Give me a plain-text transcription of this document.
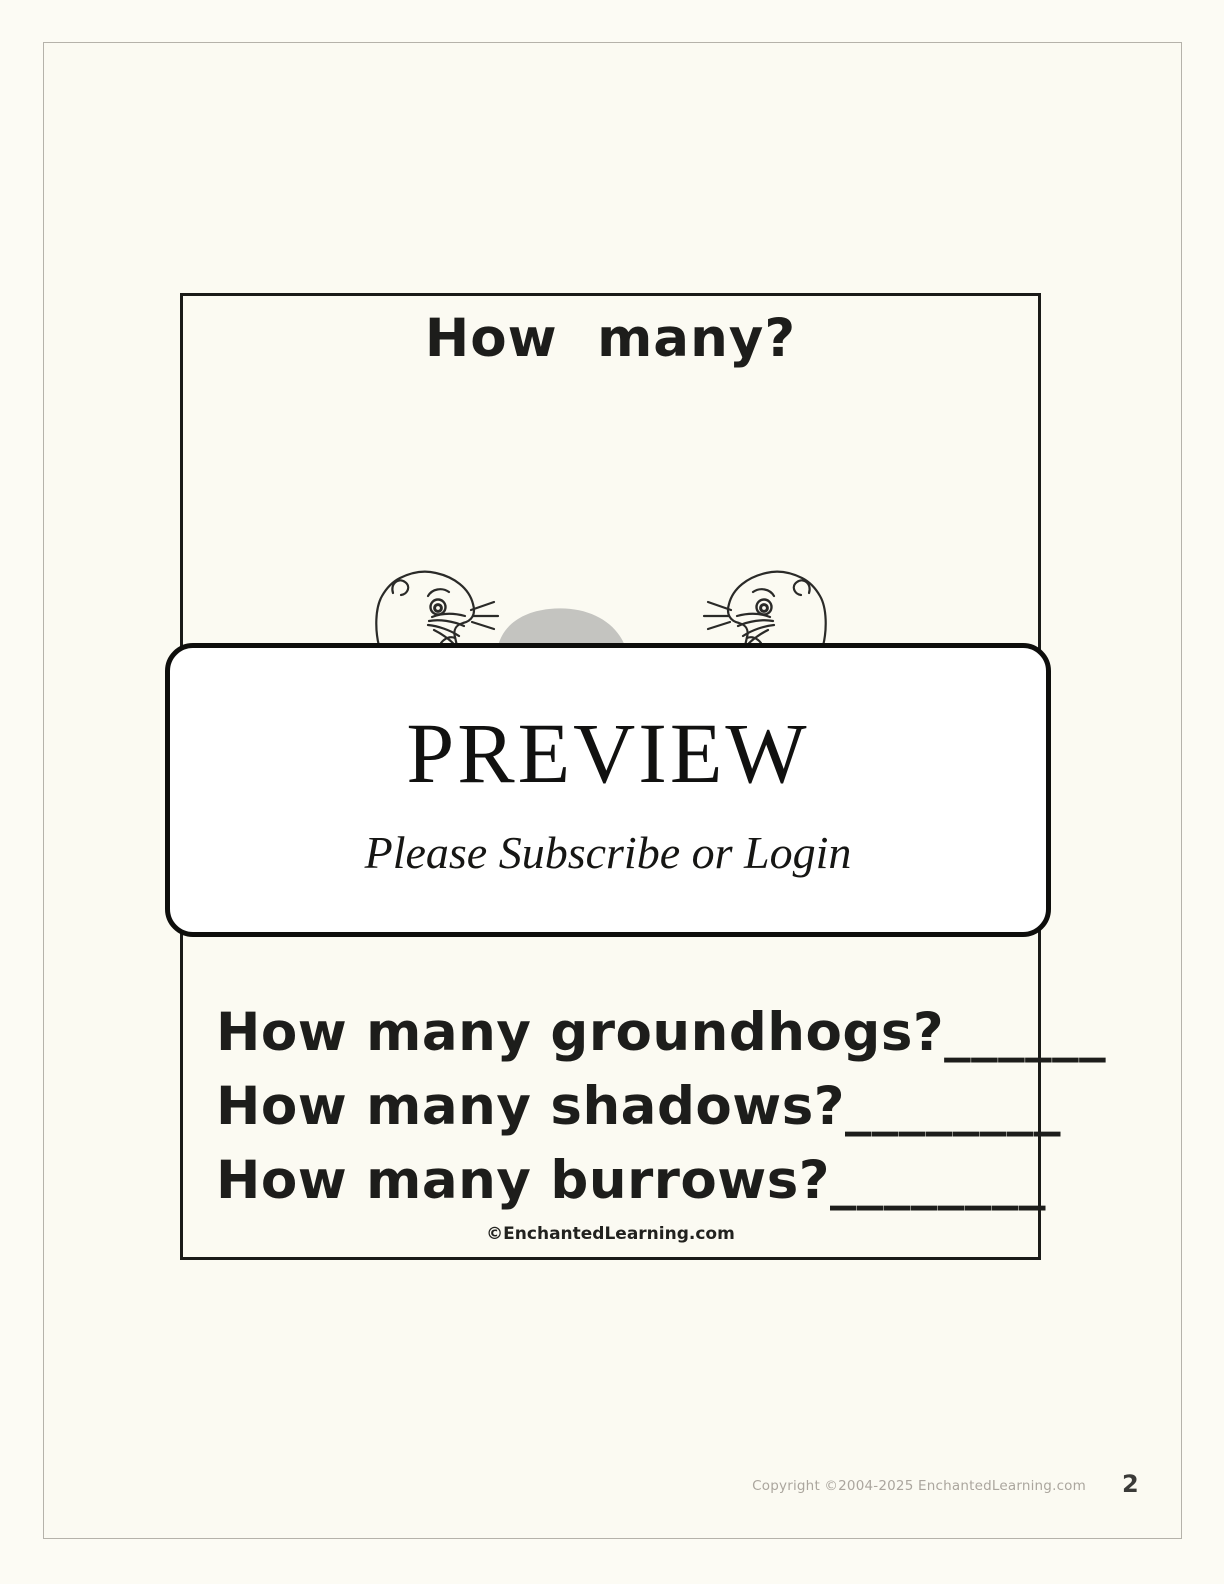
How many?
PREVIEW
Please Subscribe or Login
How many groundhogs?______
How many shadows?________
How many burrows?________
©EnchantedLearning.com
Copyright ©2004-2025 EnchantedLearning.com 2
